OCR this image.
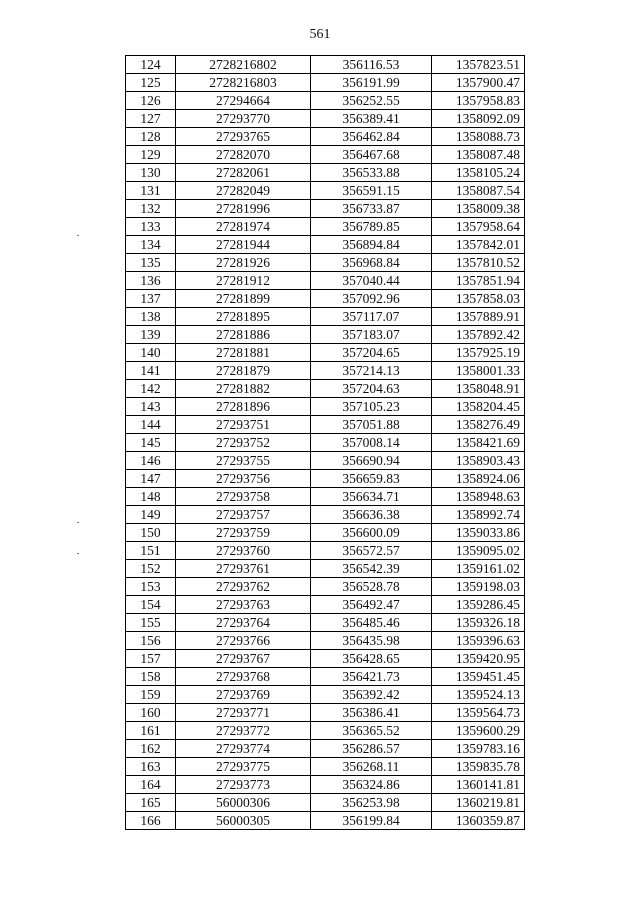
561
124	2728216802	356116.53	1357823.51
125	2728216803	356191.99	1357900.47
126	27294664	356252.55	1357958.83
127	27293770	356389.41	1358092.09
128	27293765	356462.84	1358088.73
129	27282070	356467.68	1358087.48
130	27282061	356533.88	1358105.24
131	27282049	356591.15	1358087.54
132	27281996	356733.87	1358009.38
133	27281974	356789.85	1357958.64
134	27281944	356894.84	1357842.01
135	27281926	356968.84	1357810.52
136	27281912	357040.44	1357851.94
137	27281899	357092.96	1357858.03
138	27281895	357117.07	1357889.91
139	27281886	357183.07	1357892.42
140	27281881	357204.65	1357925.19
141	27281879	357214.13	1358001.33
142	27281882	357204.63	1358048.91
143	27281896	357105.23	1358204.45
144	27293751	357051.88	1358276.49
145	27293752	357008.14	1358421.69
146	27293755	356690.94	1358903.43
147	27293756	356659.83	1358924.06
148	27293758	356634.71	1358948.63
149	27293757	356636.38	1358992.74
150	27293759	356600.09	1359033.86
151	27293760	356572.57	1359095.02
152	27293761	356542.39	1359161.02
153	27293762	356528.78	1359198.03
154	27293763	356492.47	1359286.45
155	27293764	356485.46	1359326.18
156	27293766	356435.98	1359396.63
157	27293767	356428.65	1359420.95
158	27293768	356421.73	1359451.45
159	27293769	356392.42	1359524.13
160	27293771	356386.41	1359564.73
161	27293772	356365.52	1359600.29
162	27293774	356286.57	1359783.16
163	27293775	356268.11	1359835.78
164	27293773	356324.86	1360141.81
165	56000306	356253.98	1360219.81
166	56000305	356199.84	1360359.87
